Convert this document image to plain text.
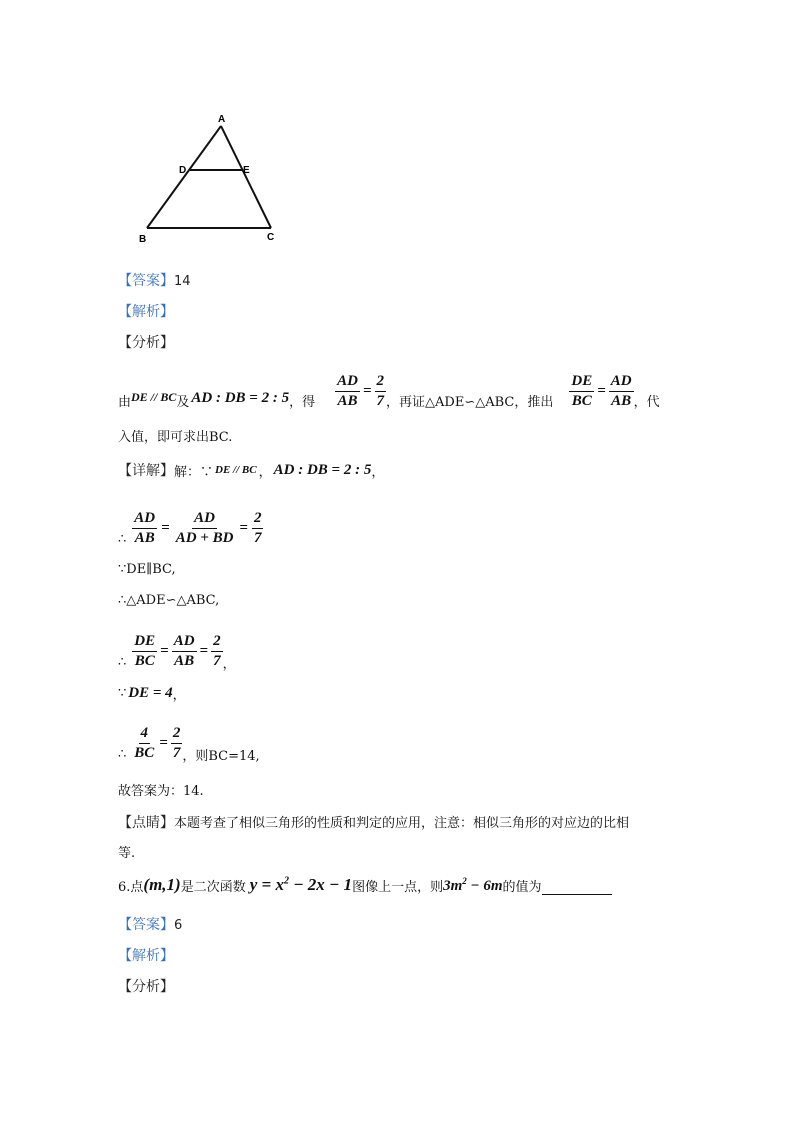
A
D	E
B	C
【答案】14
【解析】
【分析】
由 DE // BC 及 AD : DB = 2 : 5 ，得 $\frac{AD}{AB} = \frac{2}{7}$ ，再证△ADE∽△ABC，推出 $\frac{DE}{BC} = \frac{AD}{AB}$ ，代
入值，即可求出BC.
【详解】 解：∵ DE // BC ， AD : DB = 2 : 5 ，
∴ $\frac{AD}{AB} = \frac{AD}{AD + BD} = \frac{2}{7}$
∵DE∥BC,
∴△ADE∽△ABC,
∴ $\frac{DE}{BC} = \frac{AD}{AB} = \frac{2}{7}$ ，
∵ DE = 4 ，
∴ $\frac{4}{BC} = \frac{2}{7}$ ，则BC=14,
故答案为：14.
【点睛】本题考查了相似三角形的性质和判定的应用，注意：相似三角形的对应边的比相
等.
6.点 (m,1) 是二次函数 $y = x^2 - 2x - 1$ 图像上一点，则 $3m^2 - 6m$ 的值为
【答案】6
【解析】
【分析】
